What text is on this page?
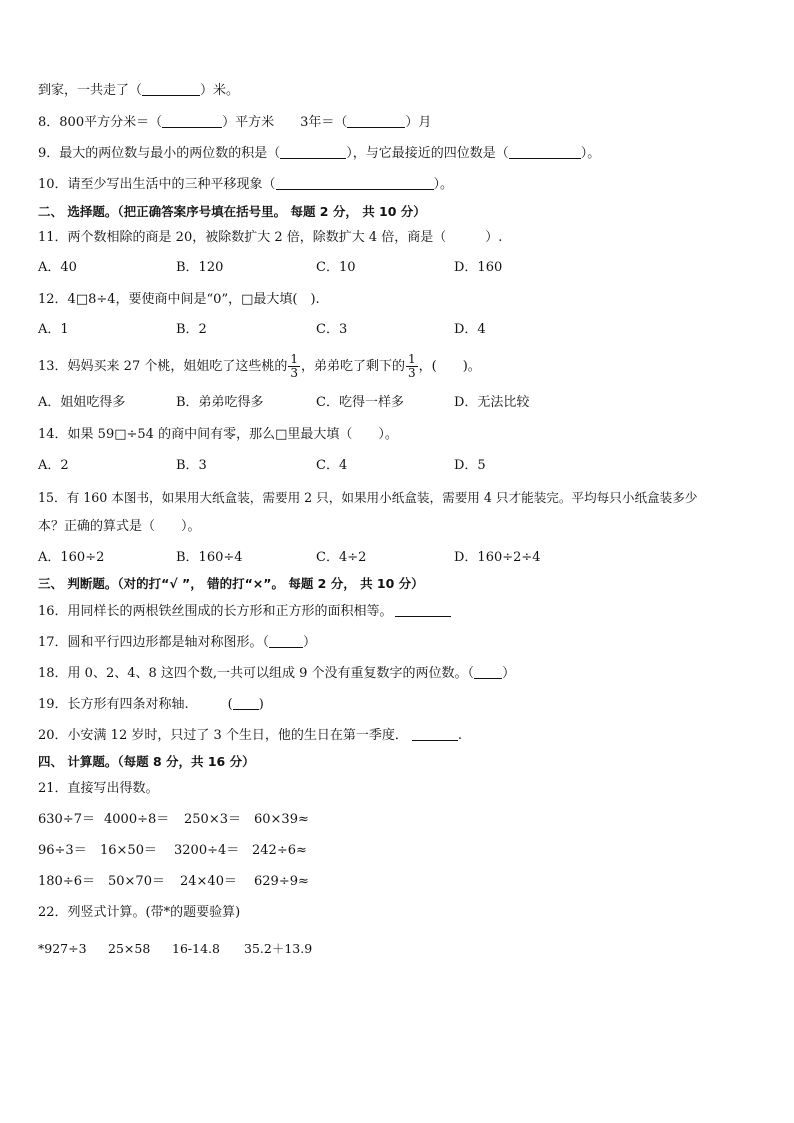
到家，一共走了（	）米。
8．800平方分米＝（	）平方米　　3年＝（	）月
9．最大的两位数与最小的两位数的积是（	），与它最接近的四位数是（	）。
10．请至少写出生活中的三种平移现象（	）。
二、 选择题。（把正确答案序号填在括号里。 每题 2 分， 共 10 分）
11．两个数相除的商是 20，被除数扩大 2 倍，除数扩大 4 倍，商是（　　　）.
A．40	B．120	C．10	D．160
12．4□8÷4，要使商中间是“0”，□最大填(　).
A．1	B．2	C．3	D．4
13．妈妈买来 27 个桃，姐姐吃了这些桃的 $\frac{1}{3}$ ，弟弟吃了剩下的 $\frac{1}{3}$ ，(　　)。
A．姐姐吃得多	B．弟弟吃得多	C．吃得一样多	D．无法比较
14．如果 59□÷54 的商中间有零，那么□里最大填（　　）。
A．2	B．3	C．4	D．5
15．有 160 本图书，如果用大纸盒装，需要用 2 只，如果用小纸盒装，需要用 4 只才能装完。平均每只小纸盒装多少
本？正确的算式是（　　）。
A．160÷2	B．160÷4	C．4÷2	D．160÷2÷4
三、 判断题。（对的打“√ ”， 错的打“×”。 每题 2 分， 共 10 分）
16．用同样长的两根铁丝围成的长方形和正方形的面积相等。
17．圆和平行四边形都是轴对称图形。（	）
18．用 0、2、4、8 这四个数,一共可以组成 9 个没有重复数字的两位数。（ ）
19．长方形有四条对称轴.　　　( )
20．小安满 12 岁时，只过了 3 个生日，他的生日在第一季度．	.
四、 计算题。（每题 8 分，共 16 分）
21．直接写出得数。
630÷7＝ 4000÷8＝ 250×3＝ 60×39≈
96÷3＝ 16×50＝ 3200÷4＝ 242÷6≈
180÷6＝ 50×70＝ 24×40＝ 629÷9≈
22．列竖式计算。(带*的题要验算)
*927÷3 25×58 16-14.8 35.2＋13.9
